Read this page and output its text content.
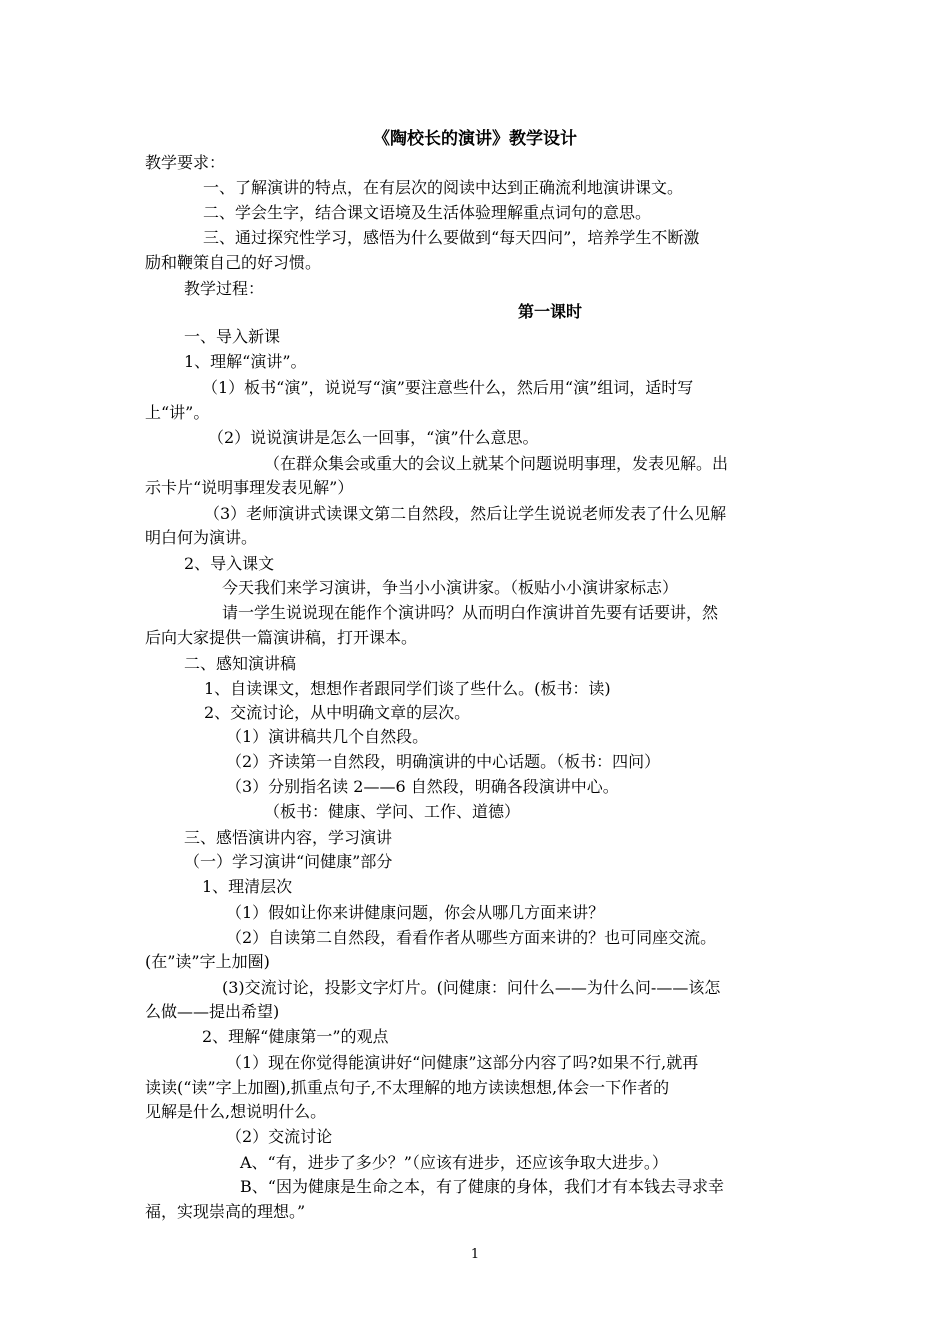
《陶校长的演讲》教学设计
教学要求：
一、了解演讲的特点，在有层次的阅读中达到正确流利地演讲课文。
二、学会生字，结合课文语境及生活体验理解重点词句的意思。
三、通过探究性学习，感悟为什么要做到“每天四问”，培养学生不断激
励和鞭策自己的好习惯。
教学过程：
第一课时
一、导入新课
1、理解“演讲”。
（1）板书“演”，说说写“演”要注意些什么，然后用“演”组词，适时写
上“讲”。
（2）说说演讲是怎么一回事，“演”什么意思。
（在群众集会或重大的会议上就某个问题说明事理，发表见解。出
示卡片“说明事理发表见解”）
（3）老师演讲式读课文第二自然段，然后让学生说说老师发表了什么见解
明白何为演讲。
2、导入课文
今天我们来学习演讲，争当小小演讲家。（板贴小小演讲家标志）
请一学生说说现在能作个演讲吗？从而明白作演讲首先要有话要讲，然
后向大家提供一篇演讲稿，打开课本。
二、感知演讲稿
1、自读课文，想想作者跟同学们谈了些什么。(板书：读)
2、交流讨论，从中明确文章的层次。
（1）演讲稿共几个自然段。
（2）齐读第一自然段，明确演讲的中心话题。（板书：四问）
（3）分别指名读 2——6 自然段，明确各段演讲中心。
（板书：健康、学问、工作、道德）
三、感悟演讲内容，学习演讲
（一）学习演讲“问健康”部分
1、理清层次
（1）假如让你来讲健康问题，你会从哪几方面来讲？
（2）自读第二自然段，看看作者从哪些方面来讲的？也可同座交流。
(在”读”字上加圈)
(3)交流讨论，投影文字灯片。(问健康：问什么——为什么问-——该怎
么做——提出希望)
2、理解“健康第一”的观点
（1）现在你觉得能演讲好“问健康”这部分内容了吗?如果不行,就再
读读(“读”字上加圈),抓重点句子,不太理解的地方读读想想,体会一下作者的
见解是什么,想说明什么。
（2）交流讨论
A、“有，进步了多少？”（应该有进步，还应该争取大进步。）
B、“因为健康是生命之本，有了健康的身体，我们才有本钱去寻求幸
福，实现崇高的理想。”
1
